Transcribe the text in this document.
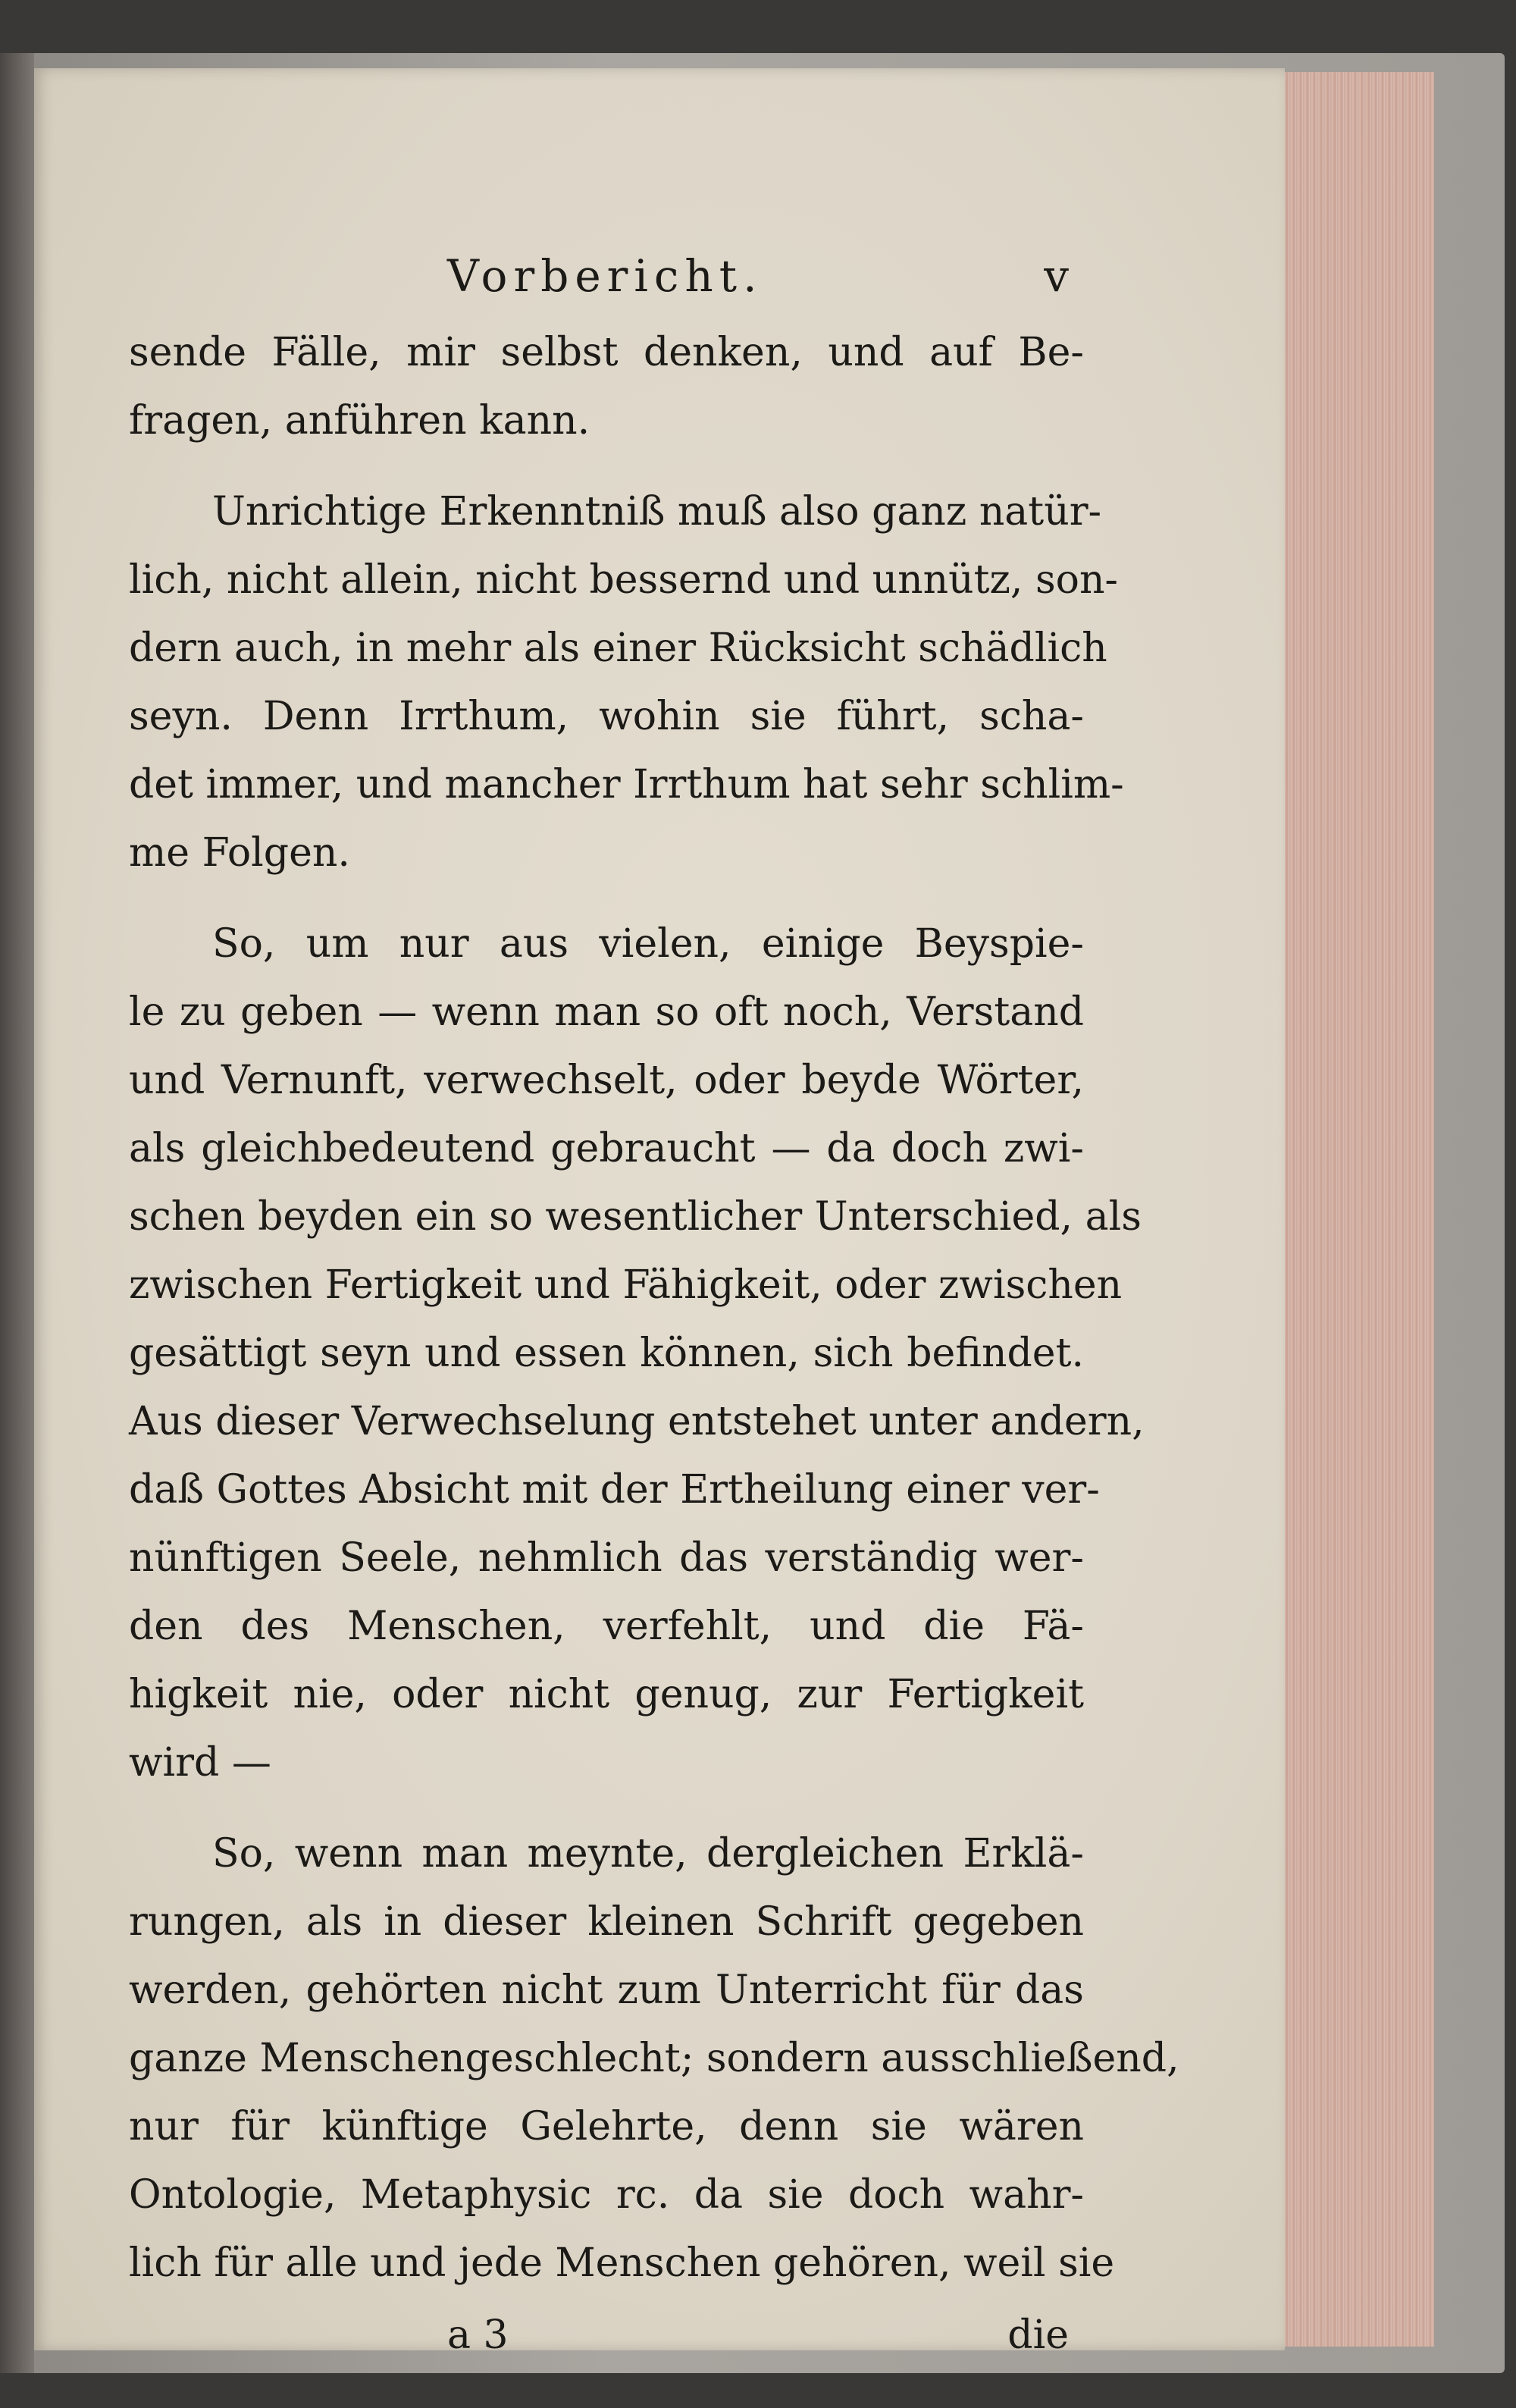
Vorbericht.	v
sende Fälle, mir selbst denken, und auf Be-
fragen, anführen kann.
Unrichtige Erkenntniß muß also ganz natür-
lich, nicht allein, nicht bessernd und unnütz, son-
dern auch, in mehr als einer Rücksicht schädlich
seyn. Denn Irrthum, wohin sie führt, scha-
det immer, und mancher Irrthum hat sehr schlim-
me Folgen.
So, um nur aus vielen, einige Beyspie-
le zu geben — wenn man so oft noch, Verstand
und Vernunft, verwechselt, oder beyde Wörter,
als gleichbedeutend gebraucht — da doch zwi-
schen beyden ein so wesentlicher Unterschied, als
zwischen Fertigkeit und Fähigkeit, oder zwischen
gesättigt seyn und essen können, sich befindet.
Aus dieser Verwechselung entstehet unter andern,
daß Gottes Absicht mit der Ertheilung einer ver-
nünftigen Seele, nehmlich das verständig wer-
den des Menschen, verfehlt, und die Fä-
higkeit nie, oder nicht genug, zur Fertigkeit
wird —
So, wenn man meynte, dergleichen Erklä-
rungen, als in dieser kleinen Schrift gegeben
werden, gehörten nicht zum Unterricht für das
ganze Menschengeschlecht; sondern ausschließend,
nur für künftige Gelehrte, denn sie wären
Ontologie, Metaphysic rc. da sie doch wahr-
lich für alle und jede Menschen gehören, weil sie
a 3	die
